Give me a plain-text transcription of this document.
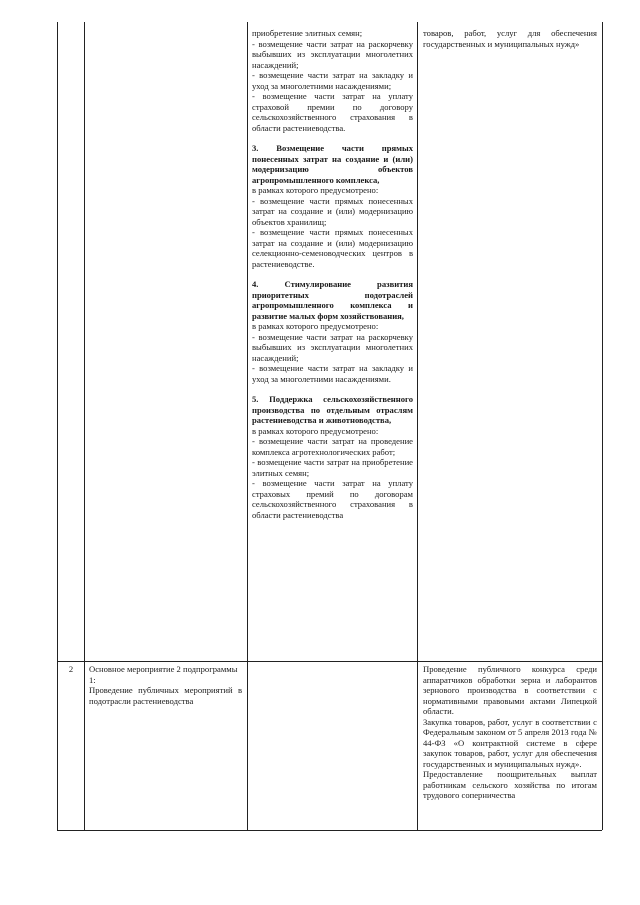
приобретение элитных семян;

- возмещение части затрат на раскорчевку выбывших из эксплуатации многолетних насаждений;

- возмещение части затрат на закладку и уход за многолетними насаждениями;

- возмещение части затрат на уплату страховой премии по договору сельскохозяйственного страхования в области растениеводства.

3. Возмещение части прямых понесенных затрат на создание и (или) модернизацию объектов агропромышленного комплекса,

в рамках которого предусмотрено:

- возмещение части прямых понесенных затрат на создание и (или) модернизацию объектов хранилищ;

- возмещение части прямых понесенных затрат на создание и (или) модернизацию селекционно-семеноводческих центров в растениеводстве.

4. Стимулирование развития приоритетных подотраслей агропромышленного комплекса и развитие малых форм хозяйствования,

в рамках которого предусмотрено:

- возмещение части затрат на раскорчевку выбывших из эксплуатации многолетних насаждений;

- возмещение части затрат на закладку и уход за многолетними насаждениями.

5. Поддержка сельскохозяйственного производства по отдельным отраслям растениеводства и животноводства,

в рамках которого предусмотрено:

- возмещение части затрат на проведение комплекса агротехнологических работ;

- возмещение части затрат на приобретение элитных семян;

- возмещение части затрат на уплату страховых премий по договорам сельскохозяйственного страхования в области растениеводства

товаров, работ, услуг для обеспечения государственных и муниципальных нужд»

2	Основное мероприятие 2 подпрограммы 1:

Проведение публичных мероприятий в подотрасли растениеводства

Проведение публичного конкурса среди аппаратчиков обработки зерна и лаборантов зернового производства в соответствии с нормативными правовыми актами Липецкой области.

Закупка товаров, работ, услуг в соответствии с Федеральным законом от 5 апреля 2013 года № 44-ФЗ «О контрактной системе в сфере закупок товаров, работ, услуг для обеспечения государственных и муниципальных нужд».

Предоставление поощрительных выплат работникам сельского хозяйства по итогам трудового соперничества
